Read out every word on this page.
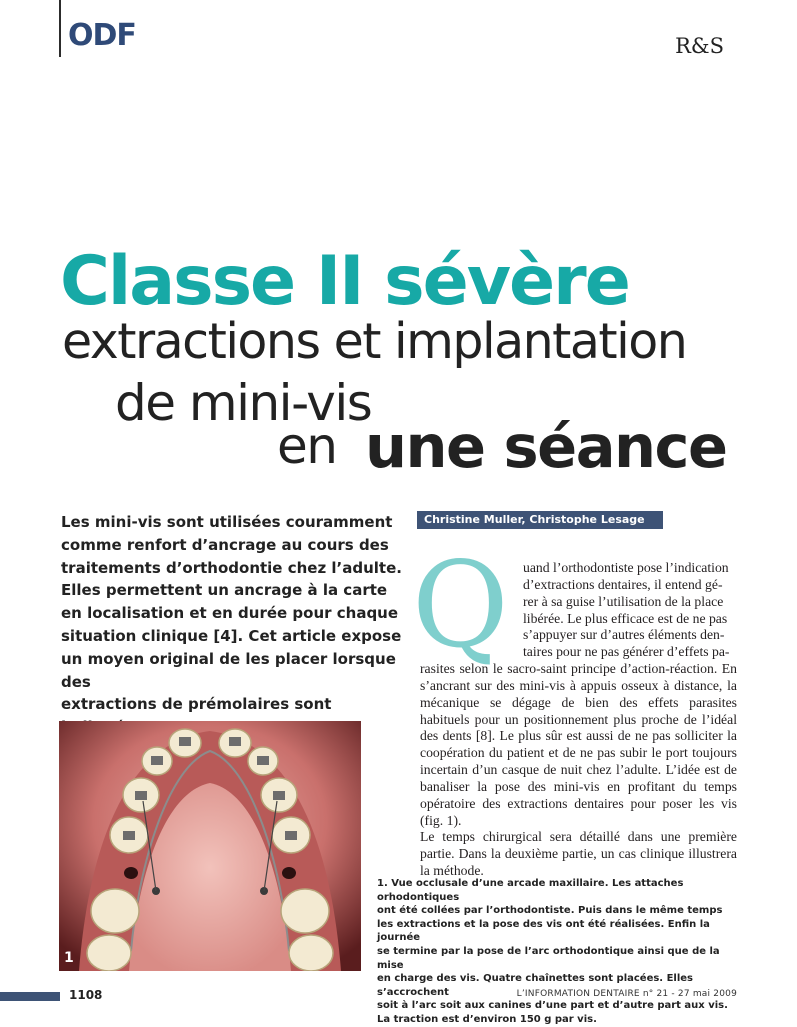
ODF	R&S
Classe II sévère
extractions et implantation
de mini-vis
en une séance
Les mini-vis sont utilisées couramment
comme renfort d’ancrage au cours des
traitements d’orthodontie chez l’adulte.
Elles permettent un ancrage à la carte
en localisation et en durée pour chaque
situation clinique [4]. Cet article expose
un moyen original de les placer lorsque des
extractions de prémolaires sont
Christine Muller, Christophe Lesage
Q	uand l’orthodontiste pose l’indication
d’extractions dentaires, il entend gé-
rer à sa guise l’utilisation de la place
libérée. Le plus efficace est de ne pas
s’appuyer sur d’autres éléments den-
taires pour ne pas générer d’effets pa-

rasites selon le sacro-saint principe d’action-réaction. En s’ancrant sur des mini-vis à appuis osseux à distance, la mécanique se dégage de bien des effets parasites habituels pour un positionnement plus proche de l’idéal des dents [8]. Le plus sûr est aussi de ne pas solliciter la coopération du patient et de ne pas subir le port toujours incertain d’un casque de nuit chez l’adulte. L’idée est de banaliser la pose des mini-vis en profitant du temps opératoire des extractions dentaires pour poser les vis (fig. 1).

Le temps chirurgical sera détaillé dans une première partie. Dans la deuxième partie, un cas clinique illustrera la méthode.

1
1. Vue occlusale d’une arcade maxillaire. Les attaches orhodontiques
ont été collées par l’orthodontiste. Puis dans le même temps
les extractions et la pose des vis ont été réalisées. Enfin la journée
se termine par la pose de l’arc orthodontique ainsi que de la mise
en charge des vis. Quatre chaînettes sont placées. Elles s’accrochent
soit à l’arc soit aux canines d’une part et d’autre part aux vis.
La traction est d’environ 150 g par vis.
1108	L’INFORMATION DENTAIRE n° 21 - 27 mai 2009
